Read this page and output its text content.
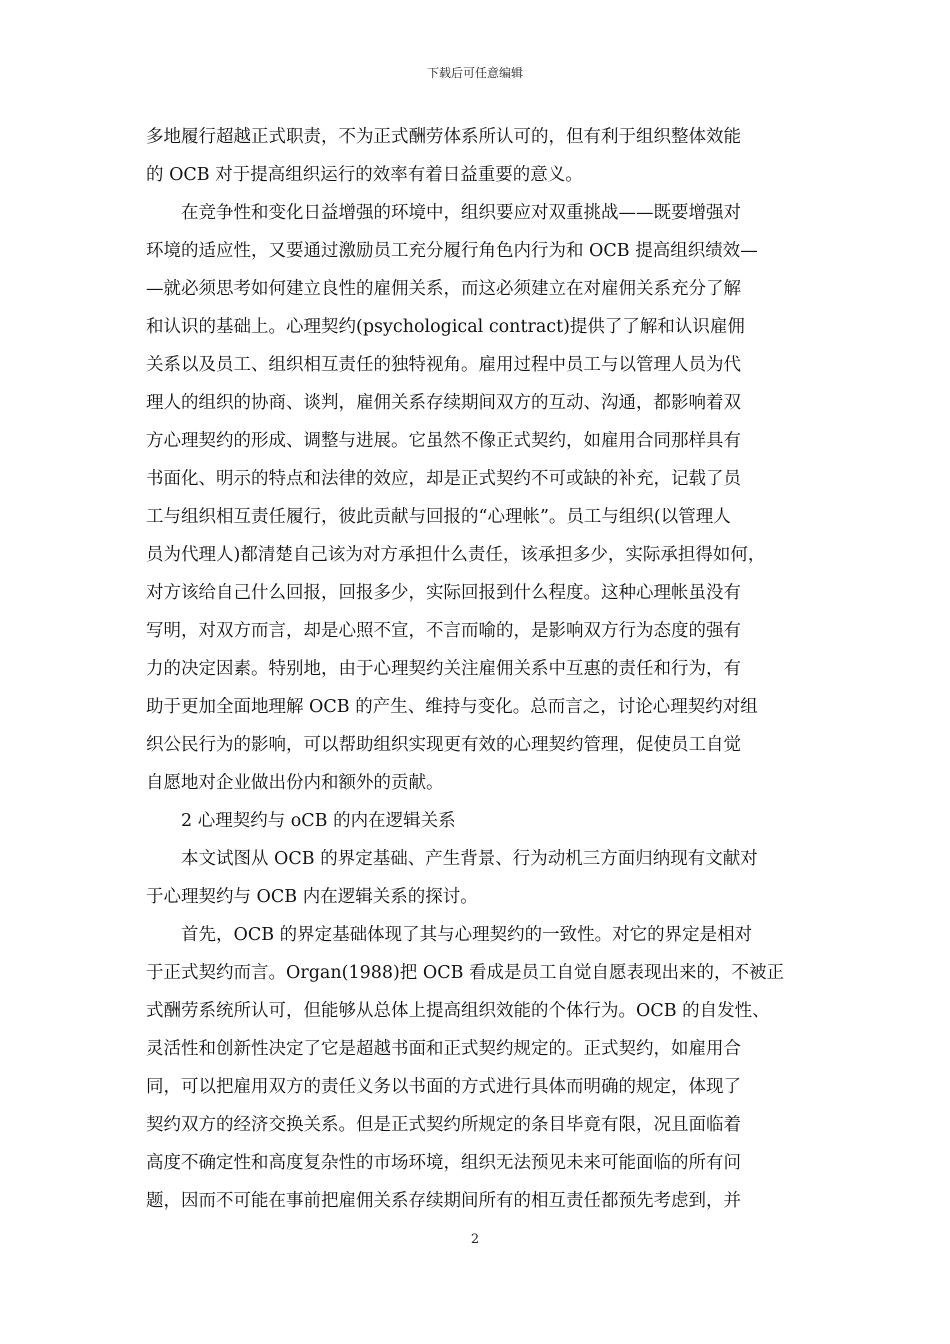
下载后可任意编辑
多地履行超越正式职责，不为正式酬劳体系所认可的，但有利于组织整体效能
的 OCB 对于提高组织运行的效率有着日益重要的意义。
　　在竞争性和变化日益增强的环境中，组织要应对双重挑战——既要增强对
环境的适应性，又要通过激励员工充分履行角色内行为和 OCB 提高组织绩效—
—就必须思考如何建立良性的雇佣关系，而这必须建立在对雇佣关系充分了解
和认识的基础上。心理契约(psychological contract)提供了了解和认识雇佣
关系以及员工、组织相互责任的独特视角。雇用过程中员工与以管理人员为代
理人的组织的协商、谈判，雇佣关系存续期间双方的互动、沟通，都影响着双
方心理契约的形成、调整与进展。它虽然不像正式契约，如雇用合同那样具有
书面化、明示的特点和法律的效应，却是正式契约不可或缺的补充，记载了员
工与组织相互责任履行，彼此贡献与回报的“心理帐”。员工与组织(以管理人
员为代理人)都清楚自己该为对方承担什么责任，该承担多少，实际承担得如何，
对方该给自己什么回报，回报多少，实际回报到什么程度。这种心理帐虽没有
写明，对双方而言，却是心照不宣，不言而喻的，是影响双方行为态度的强有
力的决定因素。特别地，由于心理契约关注雇佣关系中互惠的责任和行为，有
助于更加全面地理解 OCB 的产生、维持与变化。总而言之，讨论心理契约对组
织公民行为的影响，可以帮助组织实现更有效的心理契约管理，促使员工自觉
自愿地对企业做出份内和额外的贡献。
　　2 心理契约与 oCB 的内在逻辑关系
　　本文试图从 OCB 的界定基础、产生背景、行为动机三方面归纳现有文献对
于心理契约与 OCB 内在逻辑关系的探讨。
　　首先，OCB 的界定基础体现了其与心理契约的一致性。对它的界定是相对
于正式契约而言。Organ(1988)把 OCB 看成是员工自觉自愿表现出来的，不被正
式酬劳系统所认可，但能够从总体上提高组织效能的个体行为。OCB 的自发性、
灵活性和创新性决定了它是超越书面和正式契约规定的。正式契约，如雇用合
同，可以把雇用双方的责任义务以书面的方式进行具体而明确的规定，体现了
契约双方的经济交换关系。但是正式契约所规定的条目毕竟有限，况且面临着
高度不确定性和高度复杂性的市场环境，组织无法预见未来可能面临的所有问
题，因而不可能在事前把雇佣关系存续期间所有的相互责任都预先考虑到，并
2
